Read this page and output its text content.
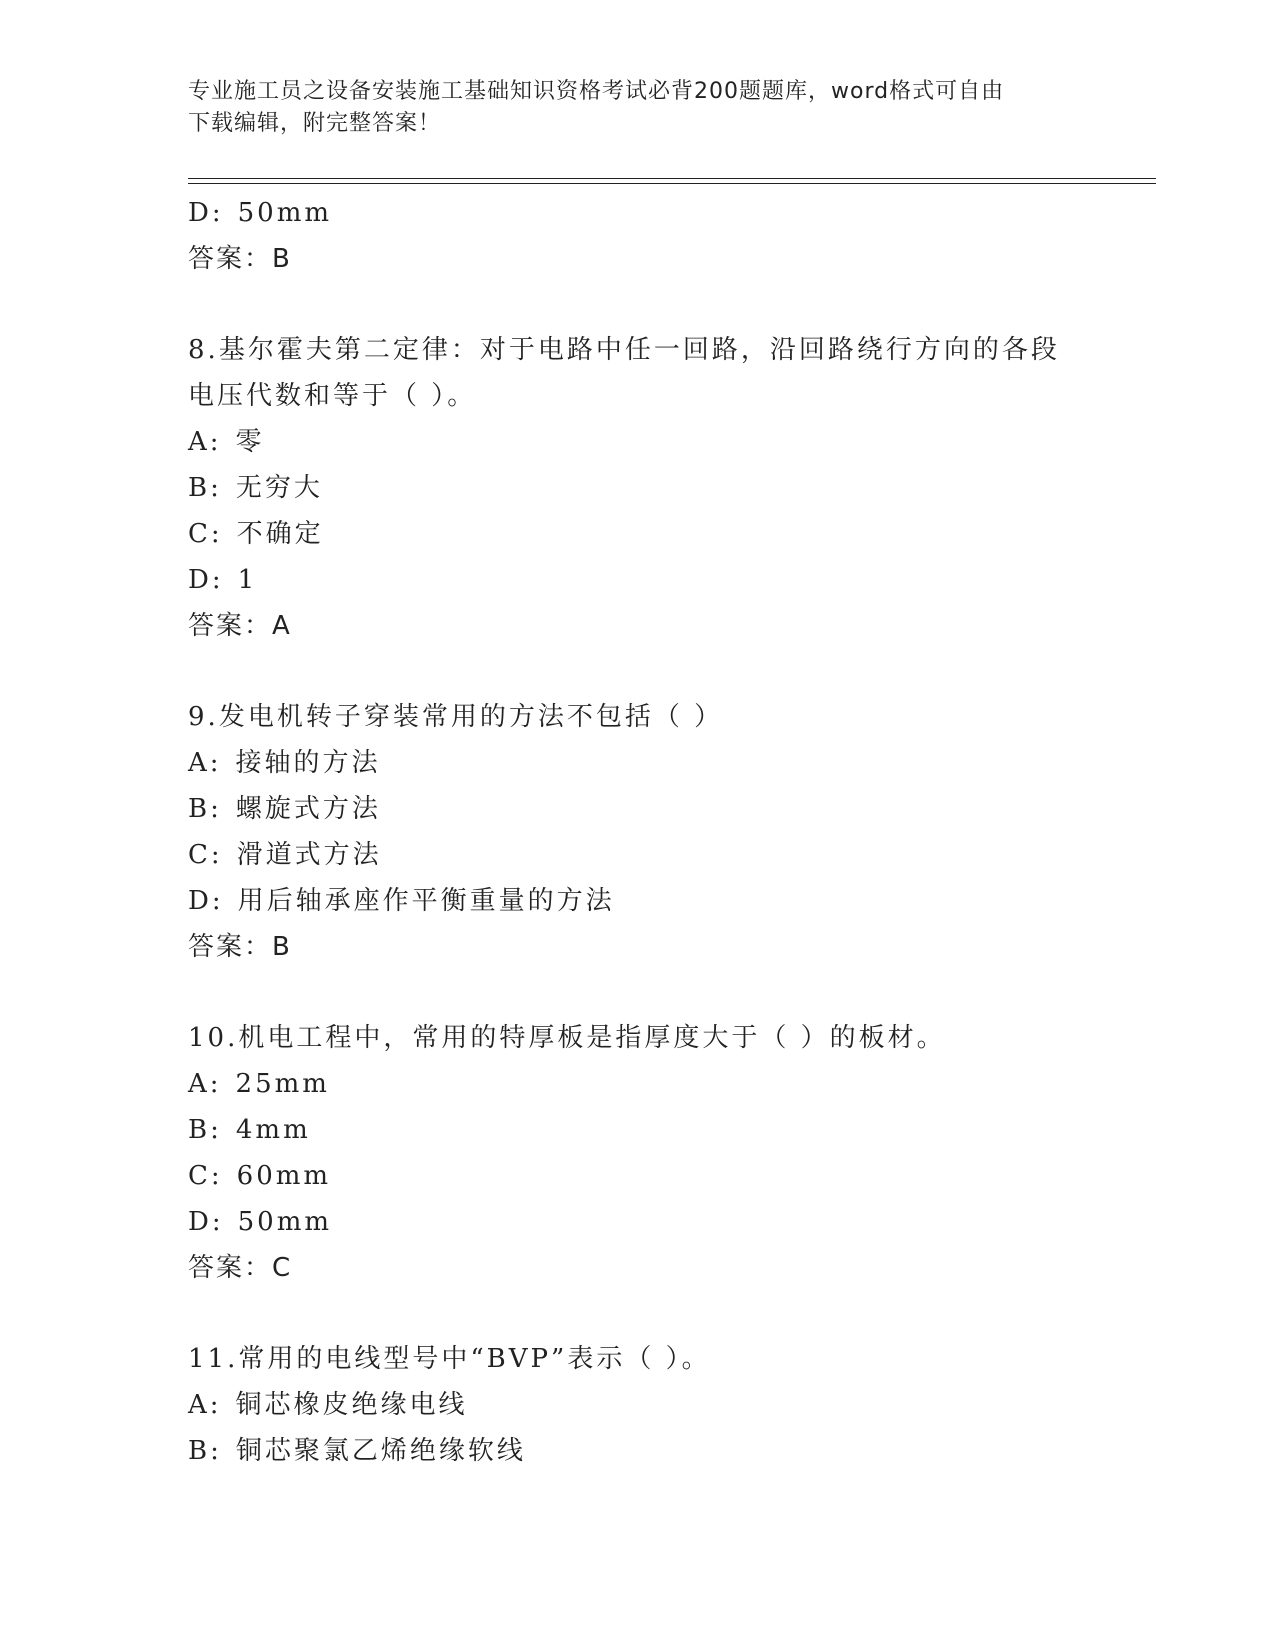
专业施工员之设备安装施工基础知识资格考试必背200题题库，word格式可自由
下载编辑，附完整答案！
D: 50mm
答案：B
8.基尔霍夫第二定律：对于电路中任一回路，沿回路绕行方向的各段
电压代数和等于（ ）。
A: 零
B: 无穷大
C: 不确定
D: 1
答案：A
9.发电机转子穿装常用的方法不包括（ ）
A: 接轴的方法
B: 螺旋式方法
C: 滑道式方法
D: 用后轴承座作平衡重量的方法
答案：B
10.机电工程中，常用的特厚板是指厚度大于（ ）的板材。
A: 25mm
B: 4mm
C: 60mm
D: 50mm
答案：C
11.常用的电线型号中“BVP”表示（ ）。
A: 铜芯橡皮绝缘电线
B: 铜芯聚氯乙烯绝缘软线
